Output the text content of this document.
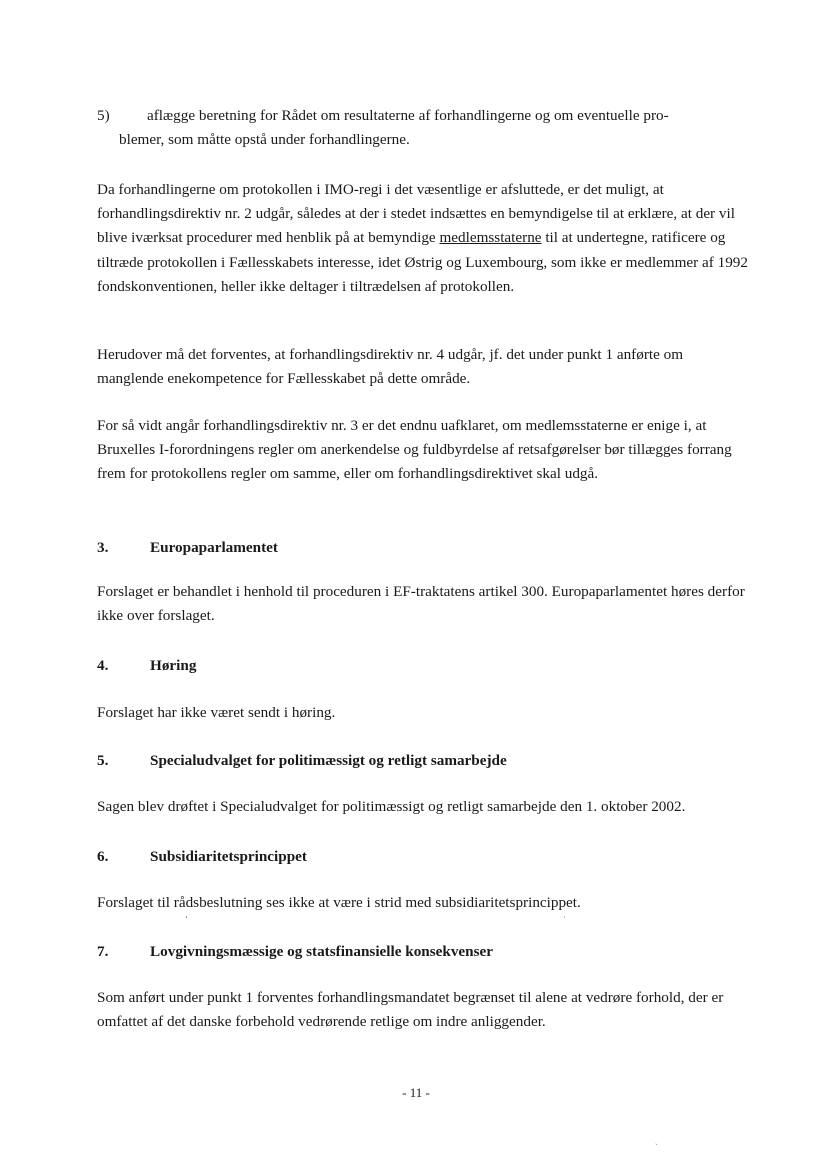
5)	aflægge beretning for Rådet om resultaterne af forhandlingerne og om eventuelle pro-
blemer, som måtte opstå under forhandlingerne.

Da forhandlingerne om protokollen i IMO-regi i det væsentlige er afsluttede, er det muligt, at forhandlingsdirektiv nr. 2 udgår, således at der i stedet indsættes en bemyndigelse til at erklære, at der vil blive iværksat procedurer med henblik på at bemyndige medlemsstaterne til at undertegne, ratificere og tiltræde protokollen i Fællesskabets interesse, idet Østrig og Luxembourg, som ikke er medlemmer af 1992 fondskonventionen, heller ikke deltager i tiltrædelsen af protokollen.

Herudover må det forventes, at forhandlingsdirektiv nr. 4 udgår, jf. det under punkt 1 anførte om manglende enekompetence for Fællesskabet på dette område.

For så vidt angår forhandlingsdirektiv nr. 3 er det endnu uafklaret, om medlemsstaterne er enige i, at Bruxelles I-forordningens regler om anerkendelse og fuldbyrdelse af retsafgørelser bør tillægges forrang frem for protokollens regler om samme, eller om forhandlingsdirektivet skal udgå.

3.	Europaparlamentet

Forslaget er behandlet i henhold til proceduren i EF-traktatens artikel 300. Europaparlamentet høres derfor ikke over forslaget.

4.	Høring

Forslaget har ikke været sendt i høring.

5.	Specialudvalget for politimæssigt og retligt samarbejde

Sagen blev drøftet i Specialudvalget for politimæssigt og retligt samarbejde den 1. oktober 2002.

6.	Subsidiaritetsprincippet

Forslaget til rådsbeslutning ses ikke at være i strid med subsidiaritetsprincippet.

،	·
7.	Lovgivningsmæssige og statsfinansielle konsekvenser

Som anført under punkt 1 forventes forhandlingsmandatet begrænset til alene at vedrøre forhold, der er omfattet af det danske forbehold vedrørende retlige om indre anliggender.

- 11 -
ˏ
